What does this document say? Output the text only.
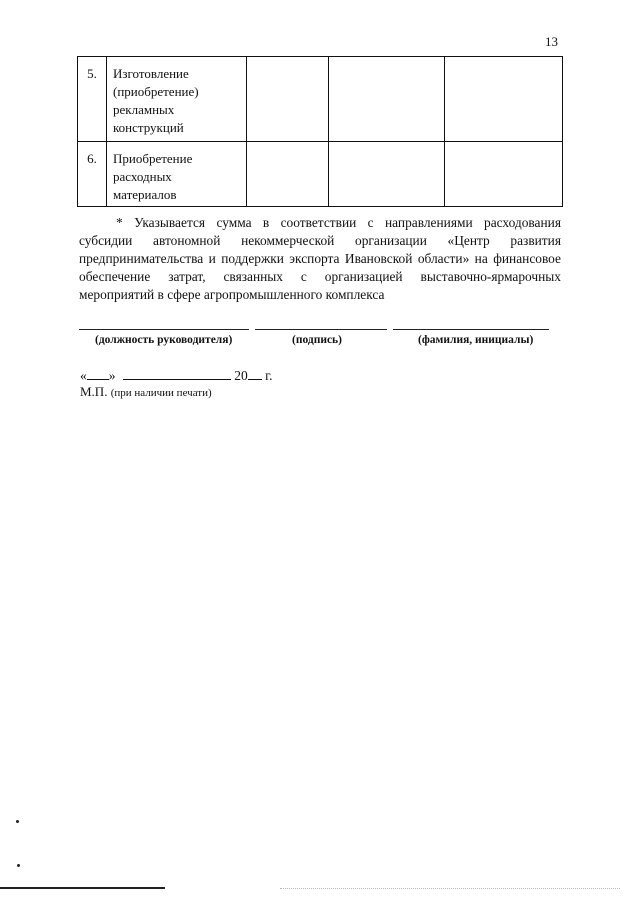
13
5.	Изготовление
(приобретение)
рекламных
конструкций			

6.	Приобретение
расходных
материалов			

* Указывается сумма в соответствии с направлениями расходования субсидии автономной некоммерческой организации «Центр развития предпринимательства и поддержки экспорта Ивановской области» на финансовое обеспечение затрат, связанных с организацией выставочно-ярмарочных мероприятий в сфере агропромышленного комплекса
(должность руководителя)	(подпись)	(фамилия, инициалы)
« »	20 г.
М.П. (при наличии печати)
